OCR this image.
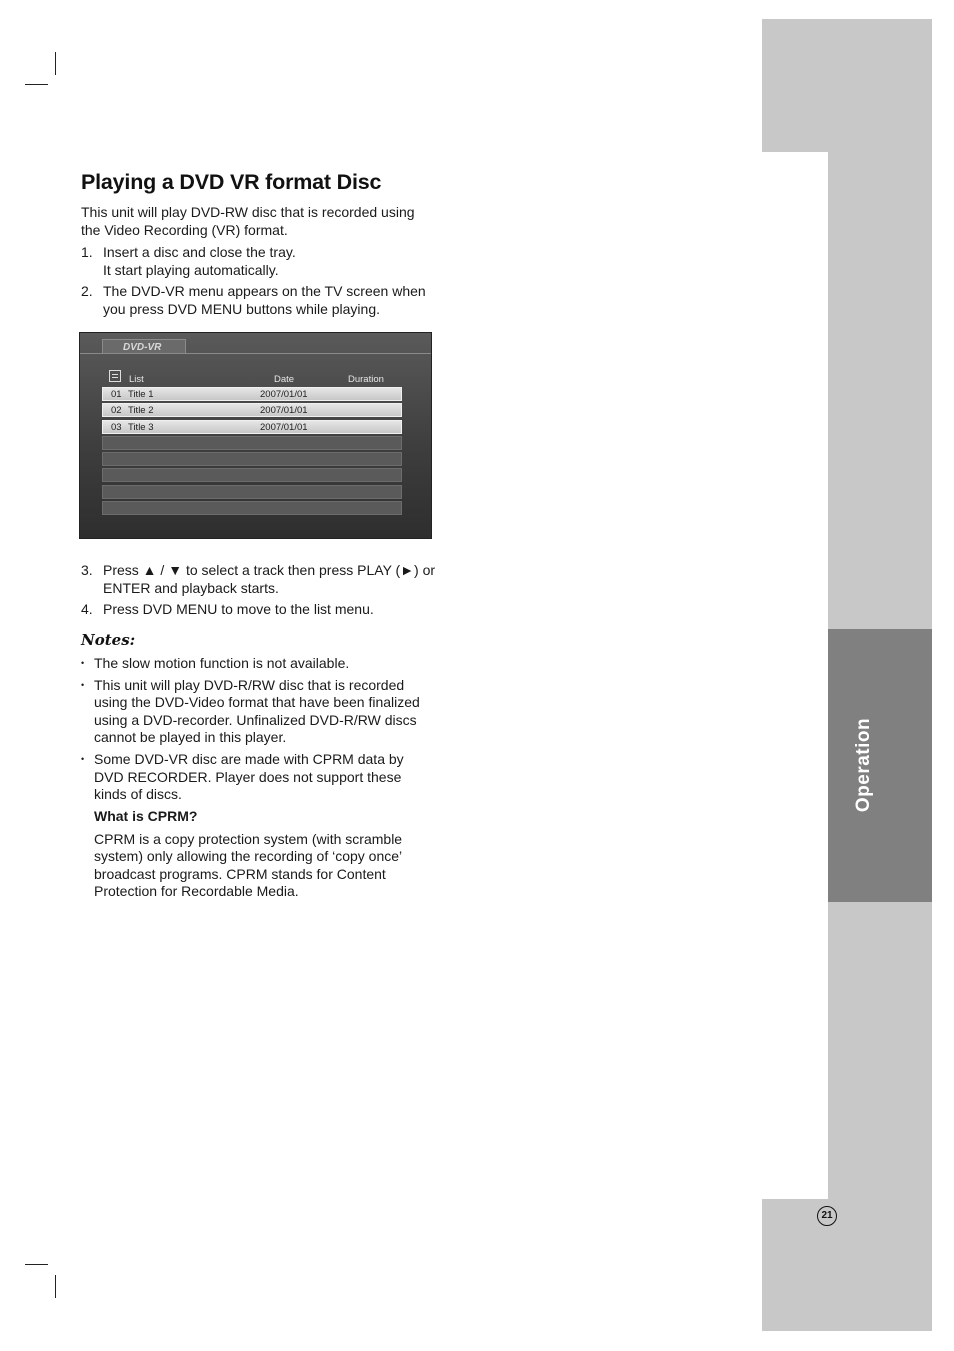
Operation
21
Playing a DVD VR format Disc

This unit will play DVD-RW disc that is recorded using the Video Recording (VR) format.

1. Insert a disc and close the tray.
It start playing automatically.
2. The DVD-VR menu appears on the TV screen when you press DVD MENU buttons while playing.
DVD-VR
List	Date	Duration
01 Title 1	2007/01/01
02 Title 2	2007/01/01
03 Title 3	2007/01/01
3. Press ▲ / ▼ to select a track then press PLAY (►) or ENTER and playback starts.
4. Press DVD MENU to move to the list menu.
Notes:
• The slow motion function is not available.
• This unit will play DVD-R/RW disc that is recorded using the DVD-Video format that have been finalized using a DVD-recorder. Unfinalized DVD-R/RW discs cannot be played in this player.
• Some DVD-VR disc are made with CPRM data by DVD RECORDER. Player does not support these kinds of discs.
What is CPRM?
CPRM is a copy protection system (with scramble system) only allowing the recording of ‘copy once’ broadcast programs. CPRM stands for Content Protection for Recordable Media.
